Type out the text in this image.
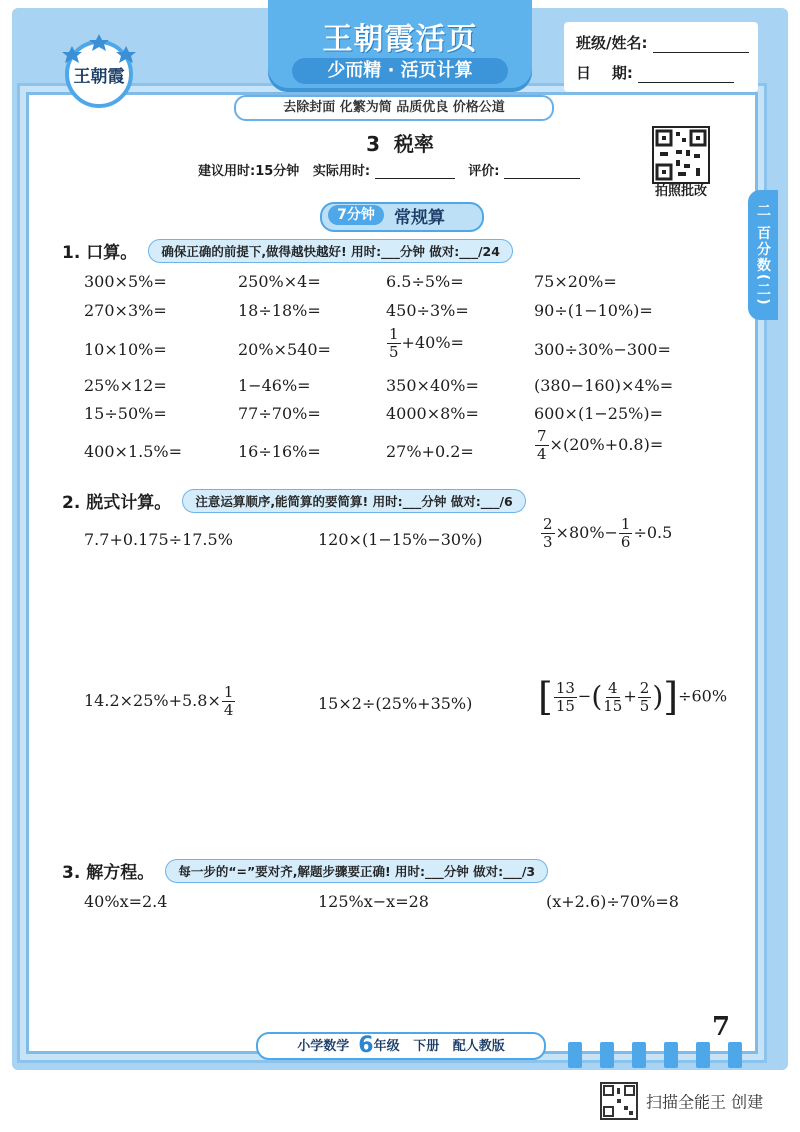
王朝霞
王朝霞活页
少而精 · 活页计算
去除封面 化繁为简 品质优良 价格公道
班级/姓名:
日    期:
3  税率
建议用时:15分钟 实际用时:	评价:
拍照批改
二 百分数(二)
7分钟	常规算
1. 口算。 确保正确的前提下,做得越快越好! 用时:___分钟 做对:___/24
300×5%=	250%×4=	6.5÷5%=	75×20%=
270×3%=	18÷18%=	450÷3%=	90÷(1−10%)=
10×10%=	20%×540=	$\frac{1}{5} +40\%=$	300÷30%−300=
25%×12=	1−46%=	350×40%=	(380−160)×4%=
15÷50%=	77÷70%=	4000×8%=	600×(1−25%)=
400×1.5%=	16÷16%=	27%+0.2=	$\frac{7}{4} \times(20\%+0.8)=$
2. 脱式计算。 注意运算顺序,能简算的要简算! 用时:___分钟 做对:___/6
7.7+0.175÷17.5%	120×(1−15%−30%)	$\frac{2}{3} \times 80\%- \frac{1}{6} \div 0.5$
$14.2\times 25\%+5.8\times \frac{1}{4}$	15×2÷(25%+35%) [ $\frac{13}{15}$ −( $\frac{4}{15} + \frac{2}{5} )]\div 60\%$
3. 解方程。 每一步的“=”要对齐,解题步骤要正确! 用时:___分钟 做对:___/3
40%x=2.4	125%x−x=28	(x+2.6)÷70%=8
小学数学 6年级 下册 配人教版
7
扫描全能王 创建
